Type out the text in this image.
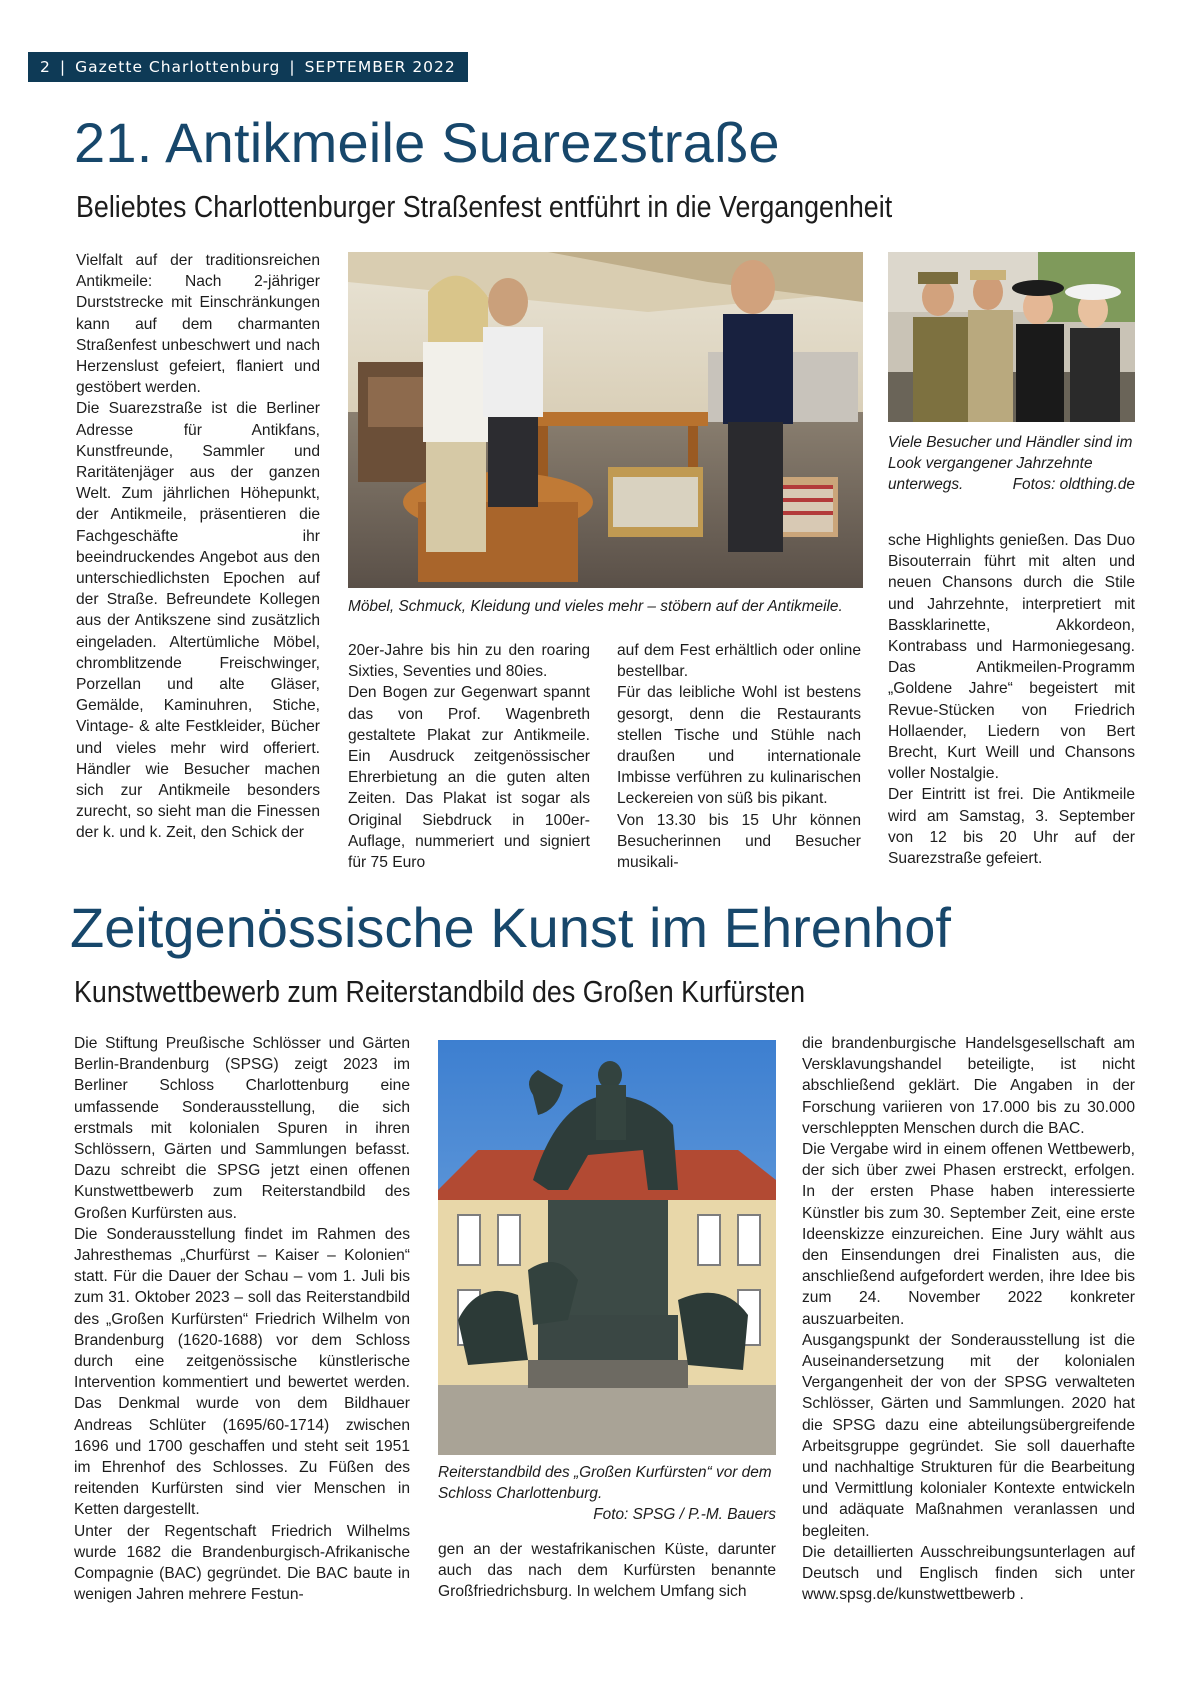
2 | Gazette Charlottenburg | SEPTEMBER 2022
21. Antikmeile Suarezstraße
Beliebtes Charlottenburger Straßenfest entführt in die Vergangenheit

Vielfalt auf der traditionsreichen Antikmeile: Nach 2-jähriger Durststrecke mit Einschränkungen kann auf dem charmanten Straßenfest unbeschwert und nach Herzenslust gefeiert, flaniert und gestöbert werden.

Die Suarezstraße ist die Berliner Adresse für Antikfans, Kunstfreunde, Sammler und Raritätenjäger aus der ganzen Welt. Zum jährlichen Höhepunkt, der Antikmeile, präsentieren die Fachgeschäfte ihr beeindruckendes Angebot aus den unterschiedlichsten Epochen auf der Straße. Befreundete Kollegen aus der Antikszene sind zusätzlich eingeladen. Altertümliche Möbel, chromblitzende Freischwinger, Porzellan und alte Gläser, Gemälde, Kaminuhren, Stiche, Vintage- & alte Festkleider, Bücher und vieles mehr wird offeriert. Händler wie Besucher machen sich zur Antikmeile besonders zurecht, so sieht man die Finessen der k. und k. Zeit, den Schick der

Möbel, Schmuck, Kleidung und vieles mehr – stöbern auf der Antikmeile.
Viele Besucher und Händler sind im Look vergangener Jahrzehnte unterwegs.	Fotos: oldthing.de

20er-Jahre bis hin zu den roaring Sixties, Seventies und 80ies.

Den Bogen zur Gegenwart spannt das von Prof. Wagenbreth gestaltete Plakat zur Antikmeile. Ein Ausdruck zeitgenössischer Ehrerbietung an die guten alten Zeiten. Das Plakat ist sogar als Original Siebdruck in 100er-Auflage, nummeriert und signiert für 75 Euro

auf dem Fest erhältlich oder online bestellbar.

Für das leibliche Wohl ist bestens gesorgt, denn die Restaurants stellen Tische und Stühle nach draußen und internationale Imbisse verführen zu kulinarischen Leckereien von süß bis pikant.

Von 13.30 bis 15 Uhr können Besucherinnen und Besucher musikali-

sche Highlights genießen. Das Duo Bisouterrain führt mit alten und neuen Chansons durch die Stile und Jahrzehnte, interpretiert mit Bassklarinette, Akkordeon, Kontrabass und Harmoniegesang. Das Antikmeilen-Programm „Goldene Jahre“ begeistert mit Revue-Stücken von Friedrich Hollaender, Liedern von Bert Brecht, Kurt Weill und Chansons voller Nostalgie.

Der Eintritt ist frei. Die Antikmeile wird am Samstag, 3. September von 12 bis 20 Uhr auf der Suarezstraße gefeiert.

Zeitgenössische Kunst im Ehrenhof
Kunstwettbewerb zum Reiterstandbild des Großen Kurfürsten

Die Stiftung Preußische Schlösser und Gärten Berlin-Brandenburg (SPSG) zeigt 2023 im Berliner Schloss Charlottenburg eine umfassende Sonderausstellung, die sich erstmals mit kolonialen Spuren in ihren Schlössern, Gärten und Sammlungen befasst. Dazu schreibt die SPSG jetzt einen offenen Kunstwettbewerb zum Reiterstandbild des Großen Kurfürsten aus.

Die Sonderausstellung findet im Rahmen des Jahresthemas „Churfürst – Kaiser – Kolonien“ statt. Für die Dauer der Schau – vom 1. Juli bis zum 31. Oktober 2023 – soll das Reiterstandbild des „Großen Kurfürsten“ Friedrich Wilhelm von Brandenburg (1620-1688) vor dem Schloss durch eine zeitgenössische künstlerische Intervention kommentiert und bewertet werden. Das Denkmal wurde von dem Bildhauer Andreas Schlüter (1695/60-1714) zwischen 1696 und 1700 geschaffen und steht seit 1951 im Ehrenhof des Schlosses. Zu Füßen des reitenden Kurfürsten sind vier Menschen in Ketten dargestellt.

Unter der Regentschaft Friedrich Wilhelms wurde 1682 die Brandenburgisch-Afrikanische Compagnie (BAC) gegründet. Die BAC baute in wenigen Jahren mehrere Festun-

Reiterstandbild des „Großen Kurfürsten“ vor dem Schloss Charlottenburg.
Foto: SPSG / P.-M. Bauers

gen an der westafrikanischen Küste, darunter auch das nach dem Kurfürsten benannte Großfriedrichsburg. In welchem Umfang sich

die brandenburgische Handelsgesellschaft am Versklavungshandel beteiligte, ist nicht abschließend geklärt. Die Angaben in der Forschung variieren von 17.000 bis zu 30.000 verschleppten Menschen durch die BAC.

Die Vergabe wird in einem offenen Wettbewerb, der sich über zwei Phasen erstreckt, erfolgen. In der ersten Phase haben interessierte Künstler bis zum 30. September Zeit, eine erste Ideenskizze einzureichen. Eine Jury wählt aus den Einsendungen drei Finalisten aus, die anschließend aufgefordert werden, ihre Idee bis zum 24. November 2022 konkreter auszuarbeiten.

Ausgangspunkt der Sonderausstellung ist die Auseinandersetzung mit der kolonialen Vergangenheit der von der SPSG verwalteten Schlösser, Gärten und Sammlungen. 2020 hat die SPSG dazu eine abteilungsübergreifende Arbeitsgruppe gegründet. Sie soll dauerhafte und nachhaltige Strukturen für die Bearbeitung und Vermittlung kolonialer Kontexte entwickeln und adäquate Maßnahmen veranlassen und begleiten.

Die detaillierten Ausschreibungsunterlagen auf Deutsch und Englisch finden sich unter www.spsg.de/kunstwettbewerb .
